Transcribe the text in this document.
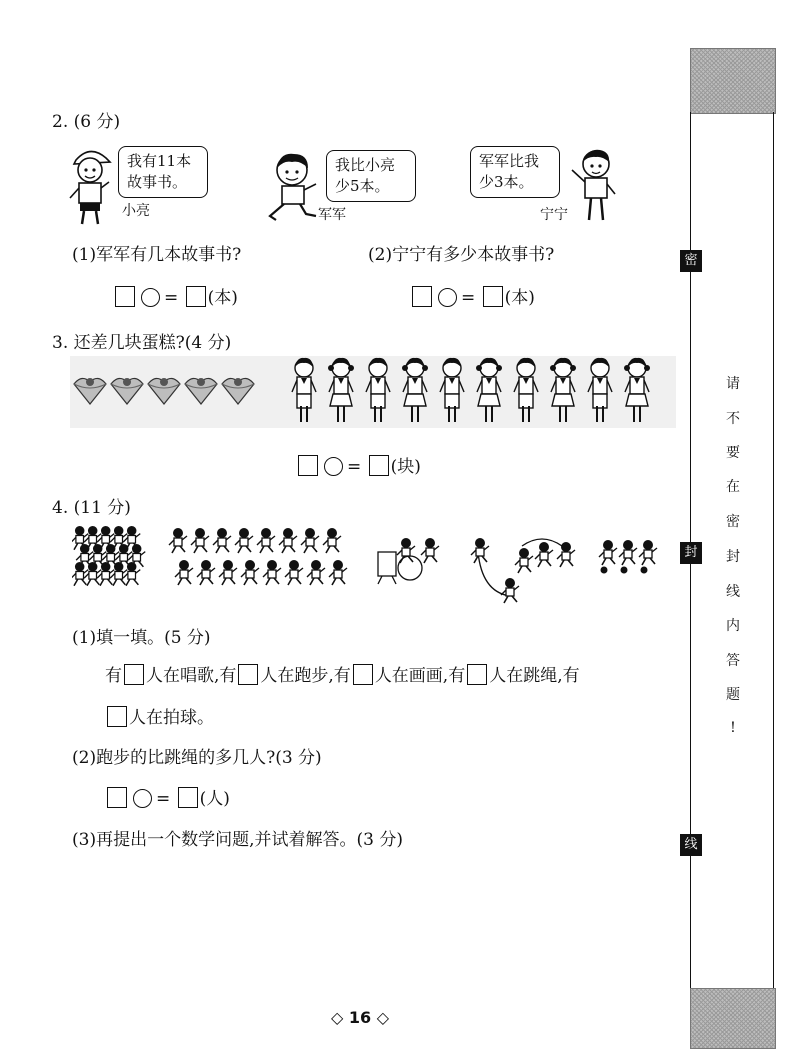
2. (6 分)
我有11本
故事书。
小亮
我比小亮
少5本。
军军
军军比我
少3本。
宁宁
(1)军军有几本故事书?	(2)宁宁有多少本故事书?
= (本)	= (本)
3. 还差几块蛋糕?(4 分)
= (块)
4. (11 分)
(1)填一填。(5 分)
有 人在唱歌,有 人在跑步,有 人在画画,有 人在跳绳,有
人在拍球。
(2)跑步的比跳绳的多几人?(3 分)
= (人)
(3)再提出一个数学问题,并试着解答。(3 分)
◇ 16 ◇
密
封
线
请
不
要
在
密
封
线
内
答
题
!
